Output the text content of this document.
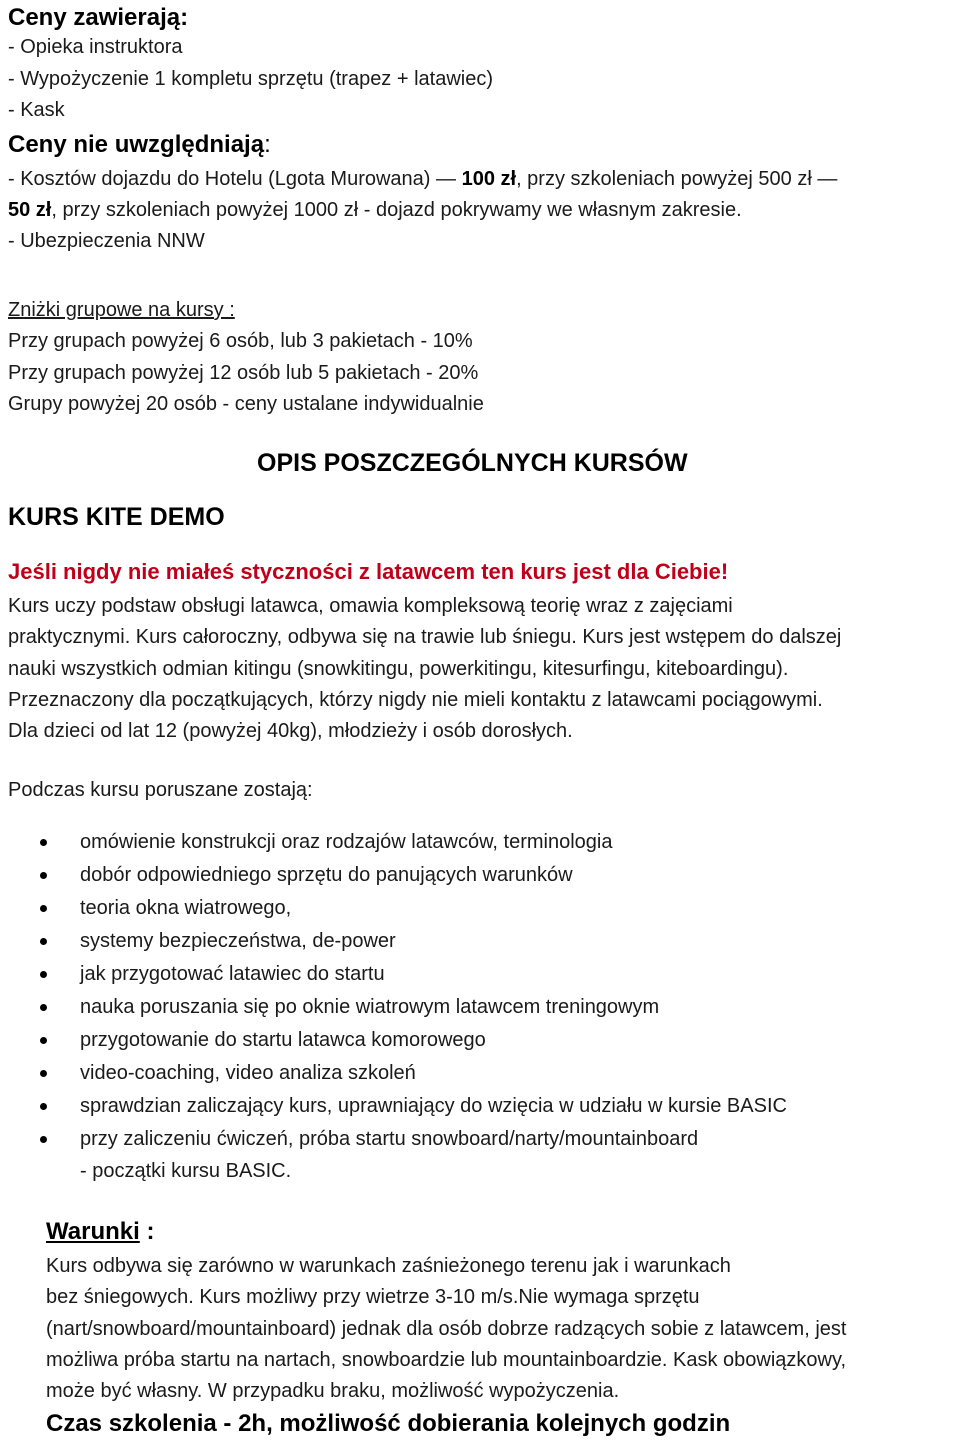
Ceny zawierają:
- Opieka instruktora
- Wypożyczenie 1 kompletu sprzętu (trapez + latawiec)
- Kask
Ceny nie uwzględniają:
- Kosztów dojazdu do Hotelu (Lgota Murowana) — 100 zł, przy szkoleniach powyżej 500 zł —
50 zł, przy szkoleniach powyżej 1000 zł - dojazd pokrywamy we własnym zakresie.
- Ubezpieczenia NNW
Zniżki grupowe na kursy :
Przy grupach powyżej 6 osób, lub 3 pakietach - 10%
Przy grupach powyżej 12 osób lub 5 pakietach - 20%
Grupy powyżej 20 osób - ceny ustalane indywidualnie
OPIS POSZCZEGÓLNYCH KURSÓW
KURS KITE DEMO
Jeśli nigdy nie miałeś styczności z latawcem ten kurs jest dla Ciebie!
Kurs uczy podstaw obsługi latawca, omawia kompleksową teorię wraz z zajęciami
praktycznymi. Kurs całoroczny, odbywa się na trawie lub śniegu. Kurs jest wstępem do dalszej
nauki wszystkich odmian kitingu (snowkitingu, powerkitingu, kitesurfingu, kiteboardingu).
Przeznaczony dla początkujących, którzy nigdy nie mieli kontaktu z latawcami pociągowymi.
Dla dzieci od lat 12 (powyżej 40kg), młodzieży i osób dorosłych.
Podczas kursu poruszane zostają:
omówienie konstrukcji oraz rodzajów latawców, terminologia
dobór odpowiedniego sprzętu do panujących warunków
teoria okna wiatrowego,
systemy bezpieczeństwa, de-power
jak przygotować latawiec do startu
nauka poruszania się po oknie wiatrowym latawcem treningowym
przygotowanie do startu latawca komorowego
video-coaching, video analiza szkoleń
sprawdzian zaliczający kurs, uprawniający do wzięcia w udziału w kursie BASIC
przy zaliczeniu ćwiczeń, próba startu snowboard/narty/mountainboard
- początki kursu BASIC.
Warunki :
Kurs odbywa się zarówno w warunkach zaśnieżonego terenu jak i warunkach
bez śniegowych. Kurs możliwy przy wietrze 3-10 m/s.Nie wymaga sprzętu
(nart/snowboard/mountainboard) jednak dla osób dobrze radzących sobie z latawcem, jest
możliwa próba startu na nartach, snowboardzie lub mountainboardzie. Kask obowiązkowy,
może być własny. W przypadku braku, możliwość wypożyczenia.
Czas szkolenia - 2h, możliwość dobierania kolejnych godzin
